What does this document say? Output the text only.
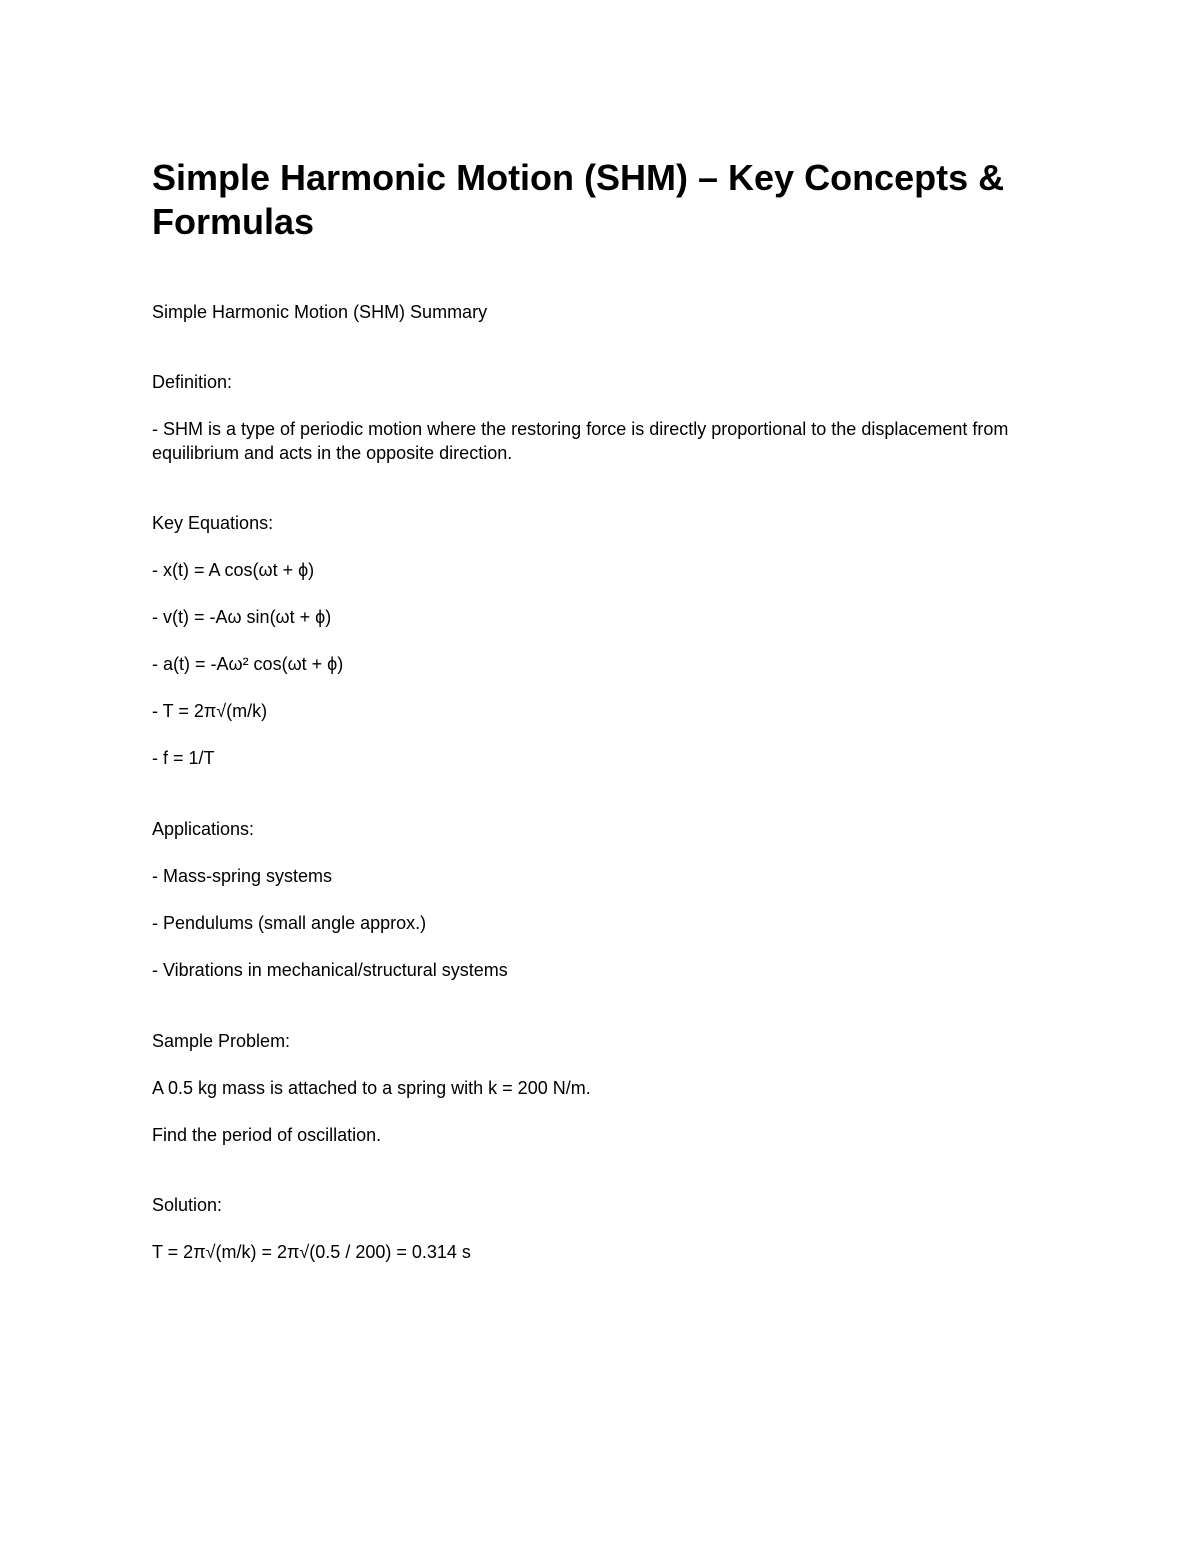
Simple Harmonic Motion (SHM) – Key Concepts & Formulas

Simple Harmonic Motion (SHM) Summary

Definition:

- SHM is a type of periodic motion where the restoring force is directly proportional to the displacement from equilibrium and acts in the opposite direction.

Key Equations:

- x(t) = A cos(ωt + ϕ)

- v(t) = -Aω sin(ωt + ϕ)

- a(t) = -Aω² cos(ωt + ϕ)

- T = 2π√(m/k)

- f = 1/T

Applications:

- Mass-spring systems

- Pendulums (small angle approx.)

- Vibrations in mechanical/structural systems

Sample Problem:

A 0.5 kg mass is attached to a spring with k = 200 N/m.

Find the period of oscillation.

Solution:

T = 2π√(m/k) = 2π√(0.5 / 200) = 0.314 s
